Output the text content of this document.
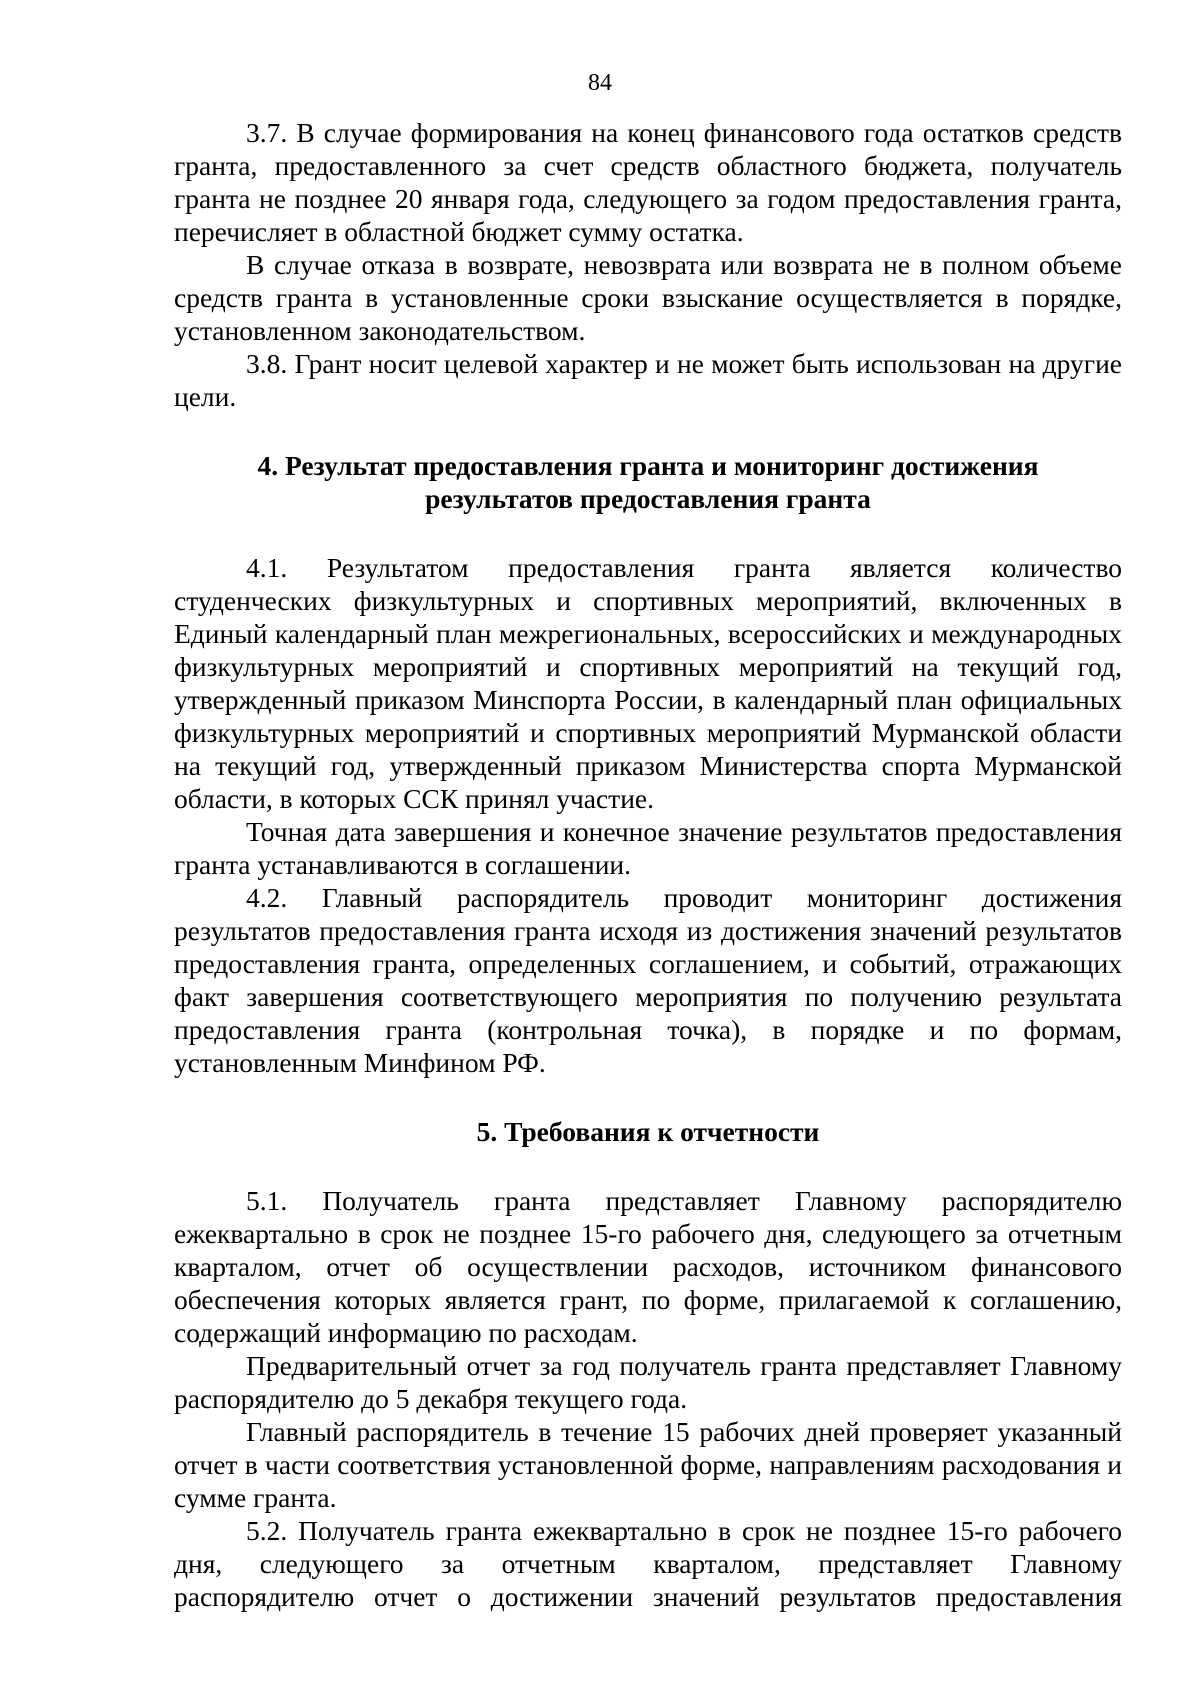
84

3.7. В случае формирования на конец финансового года остатков средств гранта, предоставленного за счет средств областного бюджета, получатель гранта не позднее 20 января года, следующего за годом предоставления гранта, перечисляет в областной бюджет сумму остатка.

В случае отказа в возврате, невозврата или возврата не в полном объеме средств гранта в установленные сроки взыскание осуществляется в порядке, установленном законодательством.

3.8. Грант носит целевой характер и не может быть использован на другие цели.

4. Результат предоставления гранта и мониторинг достижения результатов предоставления гранта

4.1. Результатом предоставления гранта является количество студенческих физкультурных и спортивных мероприятий, включенных в Единый календарный план межрегиональных, всероссийских и международных физкультурных мероприятий и спортивных мероприятий на текущий год, утвержденный приказом Минспорта России, в календарный план официальных физкультурных мероприятий и спортивных мероприятий Мурманской области на текущий год, утвержденный приказом Министерства спорта Мурманской области, в которых ССК принял участие.

Точная дата завершения и конечное значение результатов предоставления гранта устанавливаются в соглашении.

4.2. Главный распорядитель проводит мониторинг достижения результатов предоставления гранта исходя из достижения значений результатов предоставления гранта, определенных соглашением, и событий, отражающих факт завершения соответствующего мероприятия по получению результата предоставления гранта (контрольная точка), в порядке и по формам, установленным Минфином РФ.

5. Требования к отчетности

5.1. Получатель гранта представляет Главному распорядителю ежеквартально в срок не позднее 15-го рабочего дня, следующего за отчетным кварталом, отчет об осуществлении расходов, источником финансового обеспечения которых является грант, по форме, прилагаемой к соглашению, содержащий информацию по расходам.

Предварительный отчет за год получатель гранта представляет Главному распорядителю до 5 декабря текущего года.

Главный распорядитель в течение 15 рабочих дней проверяет указанный отчет в части соответствия установленной форме, направлениям расходования и сумме гранта.

5.2. Получатель гранта ежеквартально в срок не позднее 15-го рабочего дня, следующего за отчетным кварталом, представляет Главному распорядителю отчет о достижении значений результатов предоставления
